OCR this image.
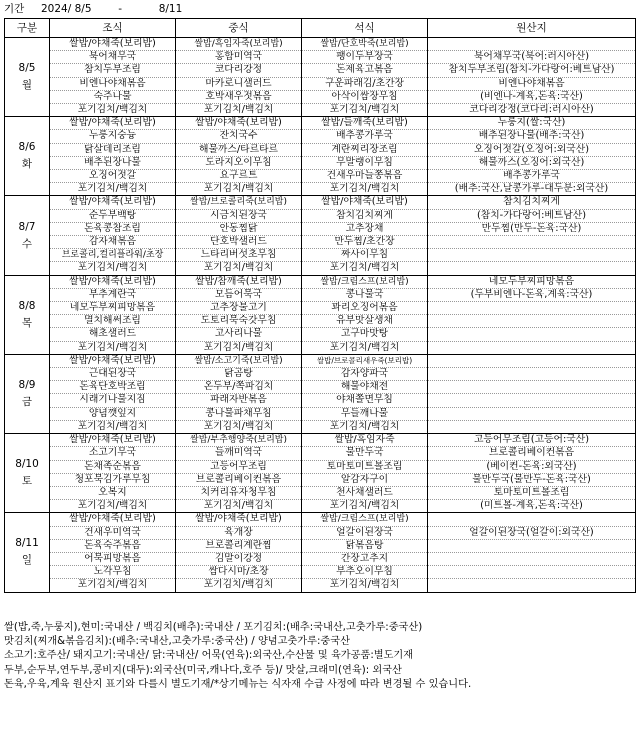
기간 2024/ 8/5	-	8/11
구분	조식	중식	석식	원산지

8/5
월	쌀밥/야채죽(보리밥)	쌀밥/흑임자죽(보리밥)	쌀밥/단호박죽(보리밥)	
	북어채무국	홍합미역국	팽이두부장국	북어채무국(북어:러시아산)
	참치두부조림	코다리강정	돈제육고볶음	참치두부조림(참치-가다랑어:베트남산)
	비엔나야채볶음	마카로니샐러드	구운파래김/초간장	비엔나야채볶음
	숙주나물	호박새우젓볶음	아삭이쌈장무침	(비엔나-계육,돈육:국산)
	포기김치/백김치	포기김치/백김치	포기김치/백김치	코다리강정(코다리:러시아산)

8/6
화	쌀밥/야채죽(보리밥)	쌀밥/야채죽(보리밥)	쌀밥/들깨죽(보리밥)	누룽지(쌀:국산)
	누룽지숭늉	잔치국수	배추콩가루국	배추된장나물(배추:국산)
	닭살데리조림	해물까스/타르타르	계란찌리장조림	오징어젓갈(오징어:외국산)
	배추된장나물	도라지오이무침	무말랭이무침	해물까스(오징어:외국산)
	오징어젓갈	요구르트	건새우마늘쫑볶음	배추콩가루국
	포기김치/백김치	포기김치/백김치	포기김치/백김치	(배추:국산,날콩가루-대두분:외국산)

8/7
수	쌀밥/야채죽(보리밥)	쌀밥/브로콜리죽(보리밥)	쌀밥/야채죽(보리밥)	참치김치찌게
	순두부백탕	시금치된장국	참치김치찌게	(참치-가다랑어:베트남산)
	돈육콩참조림	안동찜닭	고추장채	만두찜(만두-돈육:국산)
	감자채볶음	단호박샐러드	만두찜/초간장	
	브로콜리,컬리플라워/초장	느타리버섯초무침	짜사이무침	
	포기김치/백김치	포기김치/백김치	포기김치/백김치	

8/8
목	쌀밥/야채죽(보리밥)	쌀밥/참깨죽(보리밥)	쌀밥/크림스프(보리밥)	네모두부찌피망볶음
	부추계란국	모듬어묵국	콩나물국	(두부비엔나-돈육,계육:국산)
	네모두부찌피망볶음	고추장불고기	꽈리오징어볶음	
	멸치해써조림	도토리묵숙갓무침	유부맛살생채	
	해초샐러드	고사리나물	고구마맛탕	
	포기김치/백김치	포기김치/백김치	포기김치/백김치	

8/9
금	쌀밥/야채죽(보리밥)	쌀밥/소고기죽(보리밥)	쌀밥/브로콜리새우죽(보리밥)	
	근대된장국	닭곰탕	감자양파국	
	돈육단호박조림	온두부/쪽파김치	해물야채전	
	시래기나물지짐	파래자반볶음	야채쫄면무침	
	양념깻잎지	콩나물파채무침	무들깨나물	
	포기김치/백김치	포기김치/백김치	포기김치/백김치	

8/10
토	쌀밥/야채죽(보리밥)	쌀밥/부추행양죽(보리밥)	쌀밥/흑임자죽	고등어무조림(고등어:국산)
	소고기무국	들깨미역국	물만두국	브로콜리베이컨볶음
	돈채족순볶음	고등어무조림	토마토미트볼조림	(베이컨-돈육:외국산)
	청포묵김가루무침	브로콜리베이컨볶음	알감자구이	물만두국(물만두-돈육:국산)
	오복지	치커리유자청무침	천사채샐러드	토마토미트볼조림
	포기김치/백김치	포기김치/백김치	포기김치/백김치	(미트볼-계육,돈육:국산)

8/11
일	쌀밥/야채죽(보리밥)	쌀밥/야채죽(보리밥)	쌀밥/크림스프(보리밥)	
	건새우미역국	육개장	얼갈이된장국	얼갈이된장국(얼갈이:외국산)
	돈육숙주볶음	브로콜리계란찜	닭볶음탕	
	어묵피망볶음	김말이강정	간장고추지	
	노각무침	쌈다시마/초장	부추오이무침	
	포기김치/백김치	포기김치/백김치	포기김치/백김치	
쌀(밥,죽,누룽지),현미:국내산 / 백김치(배추):국내산 / 포기김치:(배추:국내산,고춧가루:중국산)
맛김치(찌개&볶음김치):(배추:국내산,고춧가루:중국산) / 양념고춧가루:중국산
소고기:호주산/ 돼지고기:국내산/ 닭:국내산/ 어묵(연육):외국산,수산물 및 육가공품:별도기재
두부,순두부,연두부,콩비지(대두):외국산(미국,캐나다,호주 등)/ 맛살,크래미(연육): 외국산
돈육,우육,계육 원산지 표기와 다를시 별도기재/*상기메뉴는 식자재 수급 사정에 따라 변경될 수 있습니다.
